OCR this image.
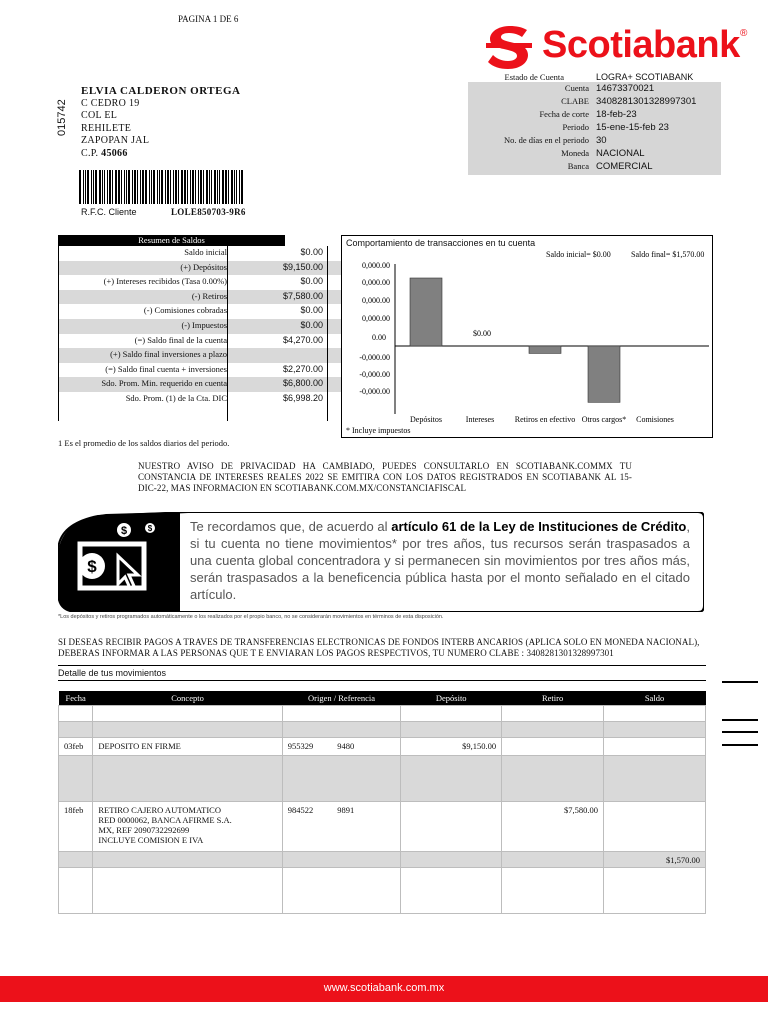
PAGINA 1 DE 6
Scotiabank ®
015742
ELVIA CALDERON ORTEGA
C CEDRO 19
COL EL
REHILETE
ZAPOPAN JAL
C.P. 45066
R.F.C. Cliente	LOLE850703-9R6
Estado de Cuenta	LOGRA+ SCOTIABANK
Cuenta 14673370021
CLABE 3408281301328997301
Fecha de corte 18-feb-23
Periodo 15-ene-15-feb 23
No. de días en el periodo 30
Moneda NACIONAL
Banca COMERCIAL
Resumen de Saldos
Saldo inicial	$0.00
(+) Depósitos	$9,150.00
(+) Intereses recibidos (Tasa 0.00%)	$0.00
(-) Retiros	$7,580.00
(-) Comisiones cobradas	$0.00
(-) Impuestos	$0.00
(=) Saldo final de la cuenta	$4,270.00
(+) Saldo final inversiones a plazo
(=) Saldo final cuenta + inversiones	$2,270.00
Sdo. Prom. Min. requerido en cuenta	$6,800.00
Sdo. Prom. (1) de la Cta. DIC	$6,998.20
1 Es el promedio de los saldos diarios del periodo.
Comportamiento de transacciones en tu cuenta
Saldo inicial= $0.00	Saldo final= $1,570.00
0,000.00
0,000.00
0,000.00
0,000.00
0.00
-0,000.00
-0,000.00
-0,000.00
$0.00
Depósitos	Intereses	Retiros en efectivo Otros cargos* Comisiones
* Incluye impuestos
NUESTRO AVISO DE PRIVACIDAD HA CAMBIADO, PUEDES CONSULTARLO EN SCOTIABANK.COMMX TU CONSTANCIA DE INTERESES REALES 2022 SE EMITIRA CON LOS DATOS REGISTRADOS EN SCOTIABANK AL 15-DIC-22, MAS INFORMACION EN SCOTIABANK.COM.MX/CONSTANCIAFISCAL
$	$
$
Te recordamos que, de acuerdo al artículo 61 de la Ley de Instituciones de Crédito, si tu cuenta no tiene movimientos* por tres años, tus recursos serán traspasados a una cuenta global concentradora y si permanecen sin movimientos por tres años más, serán traspasados a la beneficencia pública hasta por el monto señalado en el citado artículo.
*Los depósitos y retiros programados automáticamente o los realizados por el propio banco, no se considerarán movimientos en términos de esta disposición.
SI DESEAS RECIBIR PAGOS A TRAVES DE TRANSFERENCIAS ELECTRONICAS DE FONDOS INTERB ANCARIOS (APLICA SOLO EN MONEDA NACIONAL), DEBERAS INFORMAR A LAS PERSONAS QUE T E ENVIARAN LOS PAGOS RESPECTIVOS, TU NUMERO CLABE : 3408281301328997301
Detalle de tus movimientos
Fecha	Concepto	Origen / Referencia	Depósito	Retiro	Saldo

03feb	DEPOSITO EN FIRME	955329 9480	$9,150.00		

18feb	RETIRO CAJERO AUTOMATICO
RED 0000062, BANCA AFIRME S.A.
MX, REF 2090732292699
INCLUYE COMISION E IVA	984522 9891		$7,580.00	
					$1,570.00

www.scotiabank.com.mx
